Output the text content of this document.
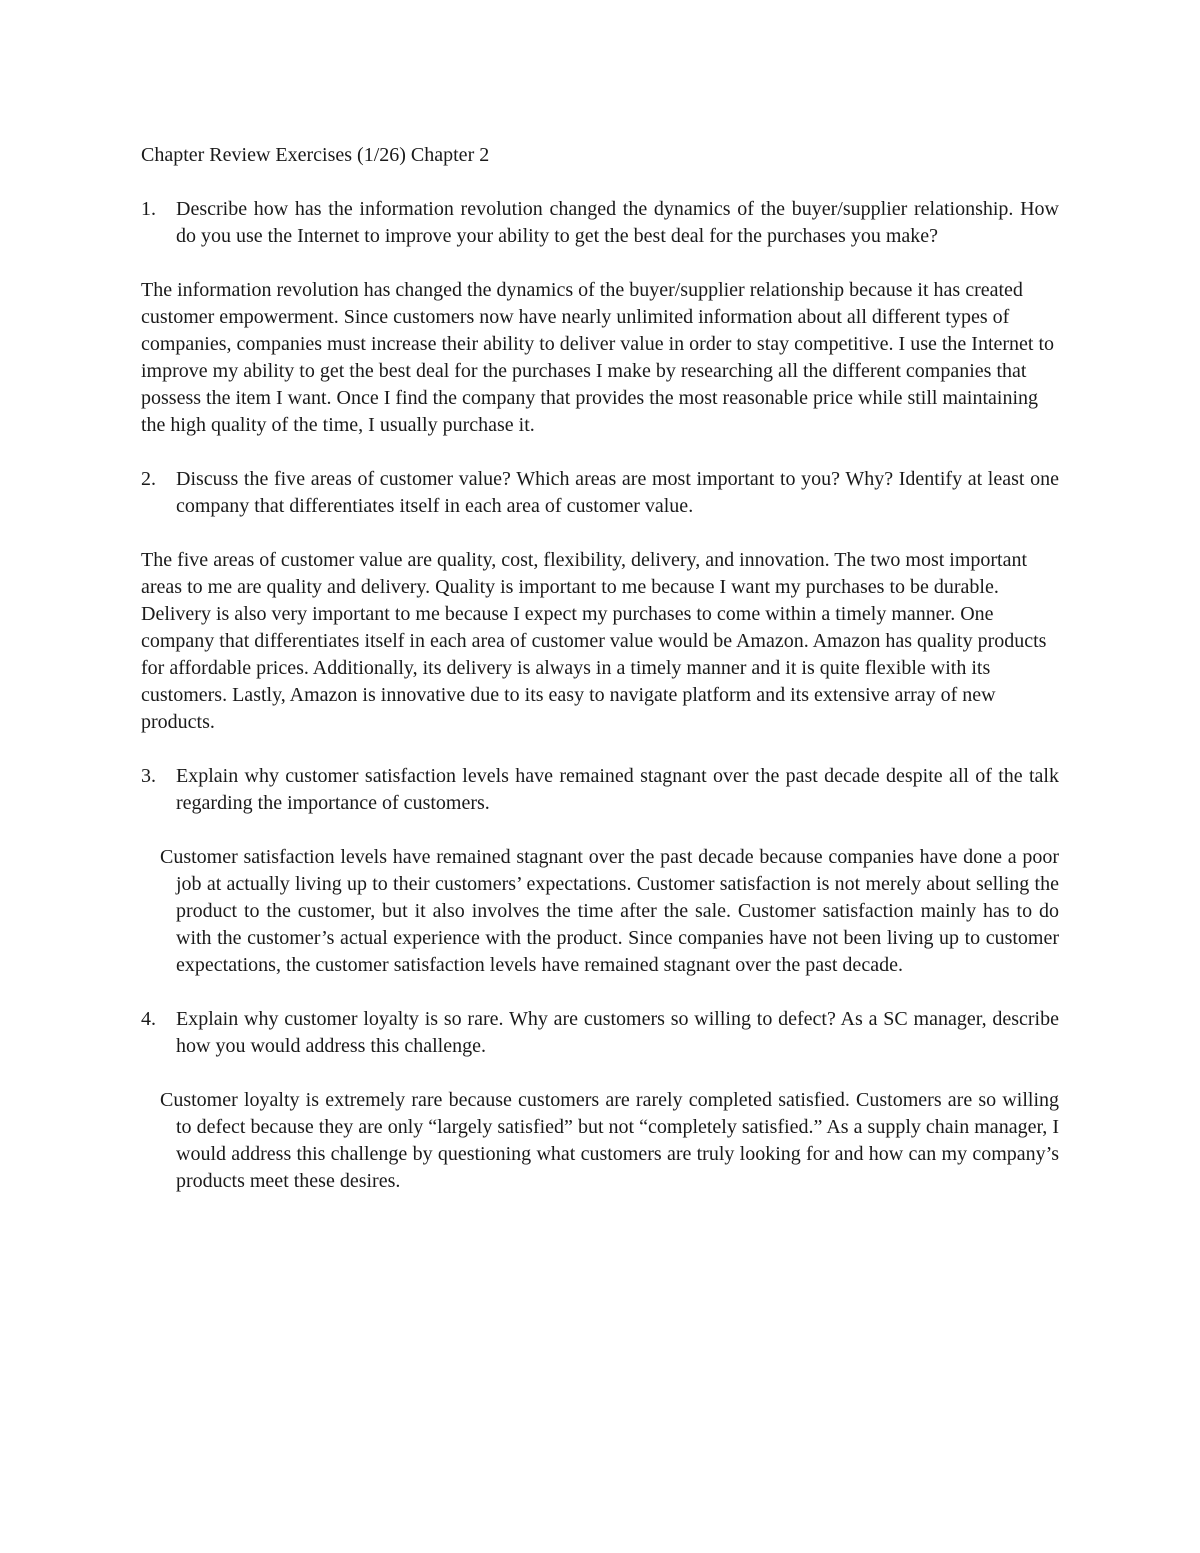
Chapter Review Exercises (1/26) Chapter 2
1. Describe how has the information revolution changed the dynamics of the buyer/supplier relationship. How do you use the Internet to improve your ability to get the best deal for the purchases you make?
The information revolution has changed the dynamics of the buyer/supplier relationship because it has created customer empowerment. Since customers now have nearly unlimited information about all different types of companies, companies must increase their ability to deliver value in order to stay competitive. I use the Internet to improve my ability to get the best deal for the purchases I make by researching all the different companies that possess the item I want. Once I find the company that provides the most reasonable price while still maintaining the high quality of the time, I usually purchase it.
2. Discuss the five areas of customer value? Which areas are most important to you? Why? Identify at least one company that differentiates itself in each area of customer value.
The five areas of customer value are quality, cost, flexibility, delivery, and innovation. The two most important areas to me are quality and delivery. Quality is important to me because I want my purchases to be durable. Delivery is also very important to me because I expect my purchases to come within a timely manner. One company that differentiates itself in each area of customer value would be Amazon. Amazon has quality products for affordable prices. Additionally, its delivery is always in a timely manner and it is quite flexible with its customers. Lastly, Amazon is innovative due to its easy to navigate platform and its extensive array of new products.
3. Explain why customer satisfaction levels have remained stagnant over the past decade despite all of the talk regarding the importance of customers.
Customer satisfaction levels have remained stagnant over the past decade because companies have done a poor job at actually living up to their customers’ expectations. Customer satisfaction is not merely about selling the product to the customer, but it also involves the time after the sale. Customer satisfaction mainly has to do with the customer’s actual experience with the product. Since companies have not been living up to customer expectations, the customer satisfaction levels have remained stagnant over the past decade.
4. Explain why customer loyalty is so rare. Why are customers so willing to defect? As a SC manager, describe how you would address this challenge.
Customer loyalty is extremely rare because customers are rarely completed satisfied. Customers are so willing to defect because they are only “largely satisfied” but not “completely satisfied.” As a supply chain manager, I would address this challenge by questioning what customers are truly looking for and how can my company’s products meet these desires.
